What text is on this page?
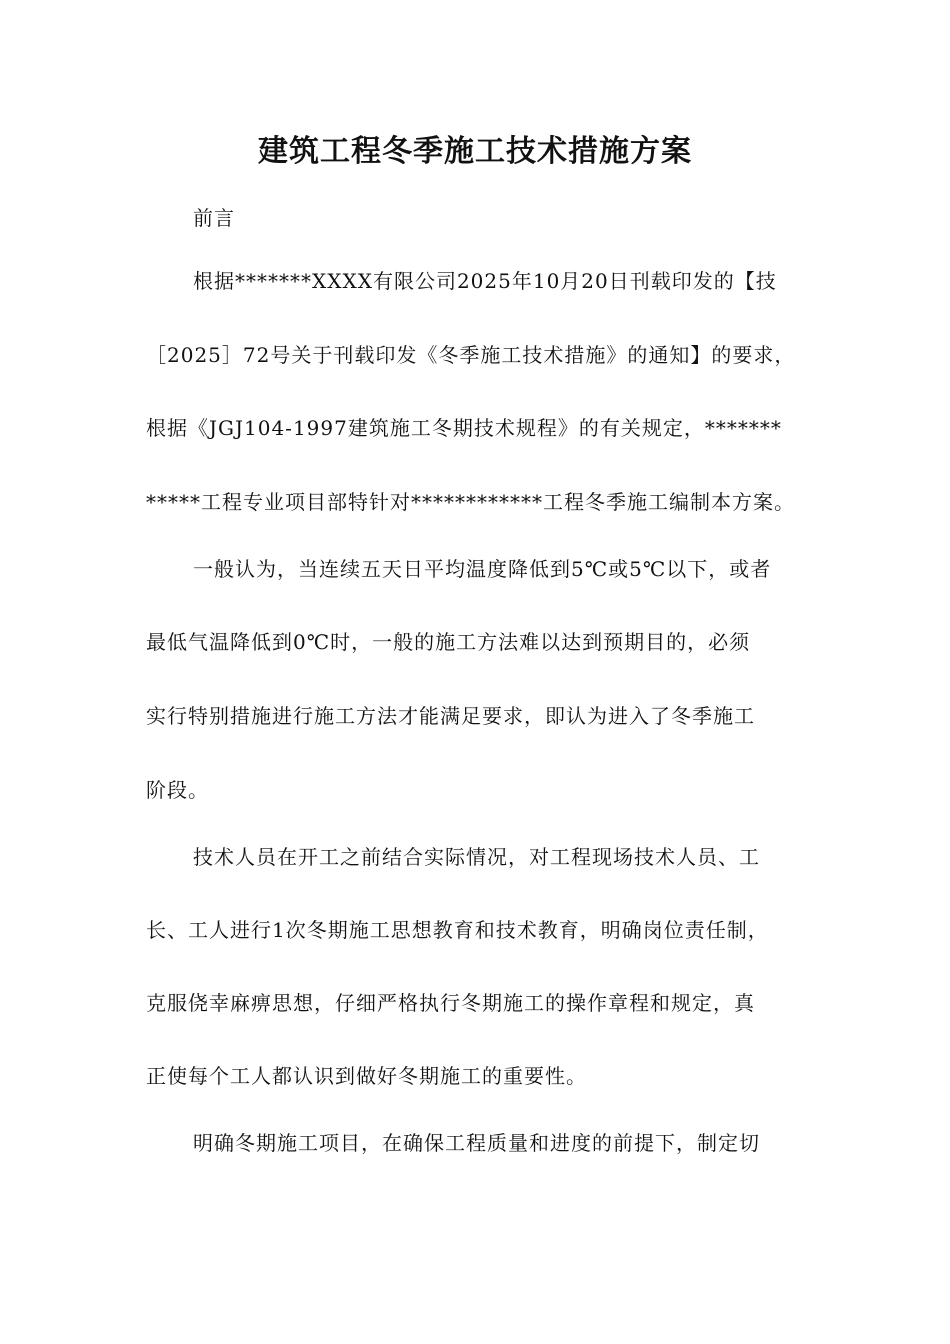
建筑工程冬季施工技术措施方案
前言
根据*******XXXX有限公司2025年10月20日刊载印发的【技
［2025］72号关于刊载印发《冬季施工技术措施》的通知】的要求，
根据《JGJ104-1997建筑施工冬期技术规程》的有关规定，*******
*****工程专业项目部特针对************工程冬季施工编制本方案。
一般认为，当连续五天日平均温度降低到5℃或5℃以下，或者
最低气温降低到0℃时，一般的施工方法难以达到预期目的，必须
实行特别措施进行施工方法才能满足要求，即认为进入了冬季施工
阶段。
技术人员在开工之前结合实际情况，对工程现场技术人员、工
长、工人进行1次冬期施工思想教育和技术教育，明确岗位责任制，
克服侥幸麻痹思想，仔细严格执行冬期施工的操作章程和规定，真
正使每个工人都认识到做好冬期施工的重要性。
明确冬期施工项目，在确保工程质量和进度的前提下，制定切
